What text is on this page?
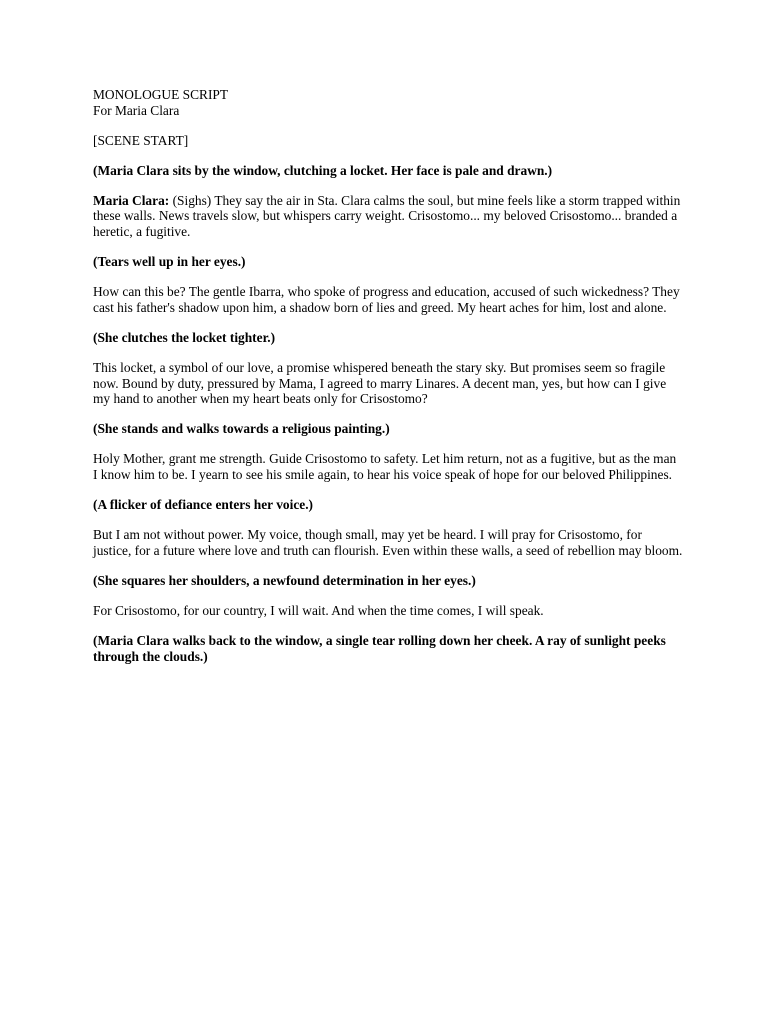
MONOLOGUE SCRIPT
For Maria Clara

[SCENE START]

(Maria Clara sits by the window, clutching a locket. Her face is pale and drawn.)

Maria Clara: (Sighs) They say the air in Sta. Clara calms the soul, but mine feels like a storm trapped within these walls. News travels slow, but whispers carry weight. Crisostomo... my beloved Crisostomo... branded a heretic, a fugitive.

(Tears well up in her eyes.)

How can this be? The gentle Ibarra, who spoke of progress and education, accused of such wickedness? They cast his father's shadow upon him, a shadow born of lies and greed. My heart aches for him, lost and alone.

(She clutches the locket tighter.)

This locket, a symbol of our love, a promise whispered beneath the stary sky. But promises seem so fragile now. Bound by duty, pressured by Mama, I agreed to marry Linares. A decent man, yes, but how can I give my hand to another when my heart beats only for Crisostomo?

(She stands and walks towards a religious painting.)

Holy Mother, grant me strength. Guide Crisostomo to safety. Let him return, not as a fugitive, but as the man I know him to be. I yearn to see his smile again, to hear his voice speak of hope for our beloved Philippines.

(A flicker of defiance enters her voice.)

But I am not without power. My voice, though small, may yet be heard. I will pray for Crisostomo, for justice, for a future where love and truth can flourish. Even within these walls, a seed of rebellion may bloom.

(She squares her shoulders, a newfound determination in her eyes.)

For Crisostomo, for our country, I will wait. And when the time comes, I will speak.

(Maria Clara walks back to the window, a single tear rolling down her cheek. A ray of sunlight peeks through the clouds.)
